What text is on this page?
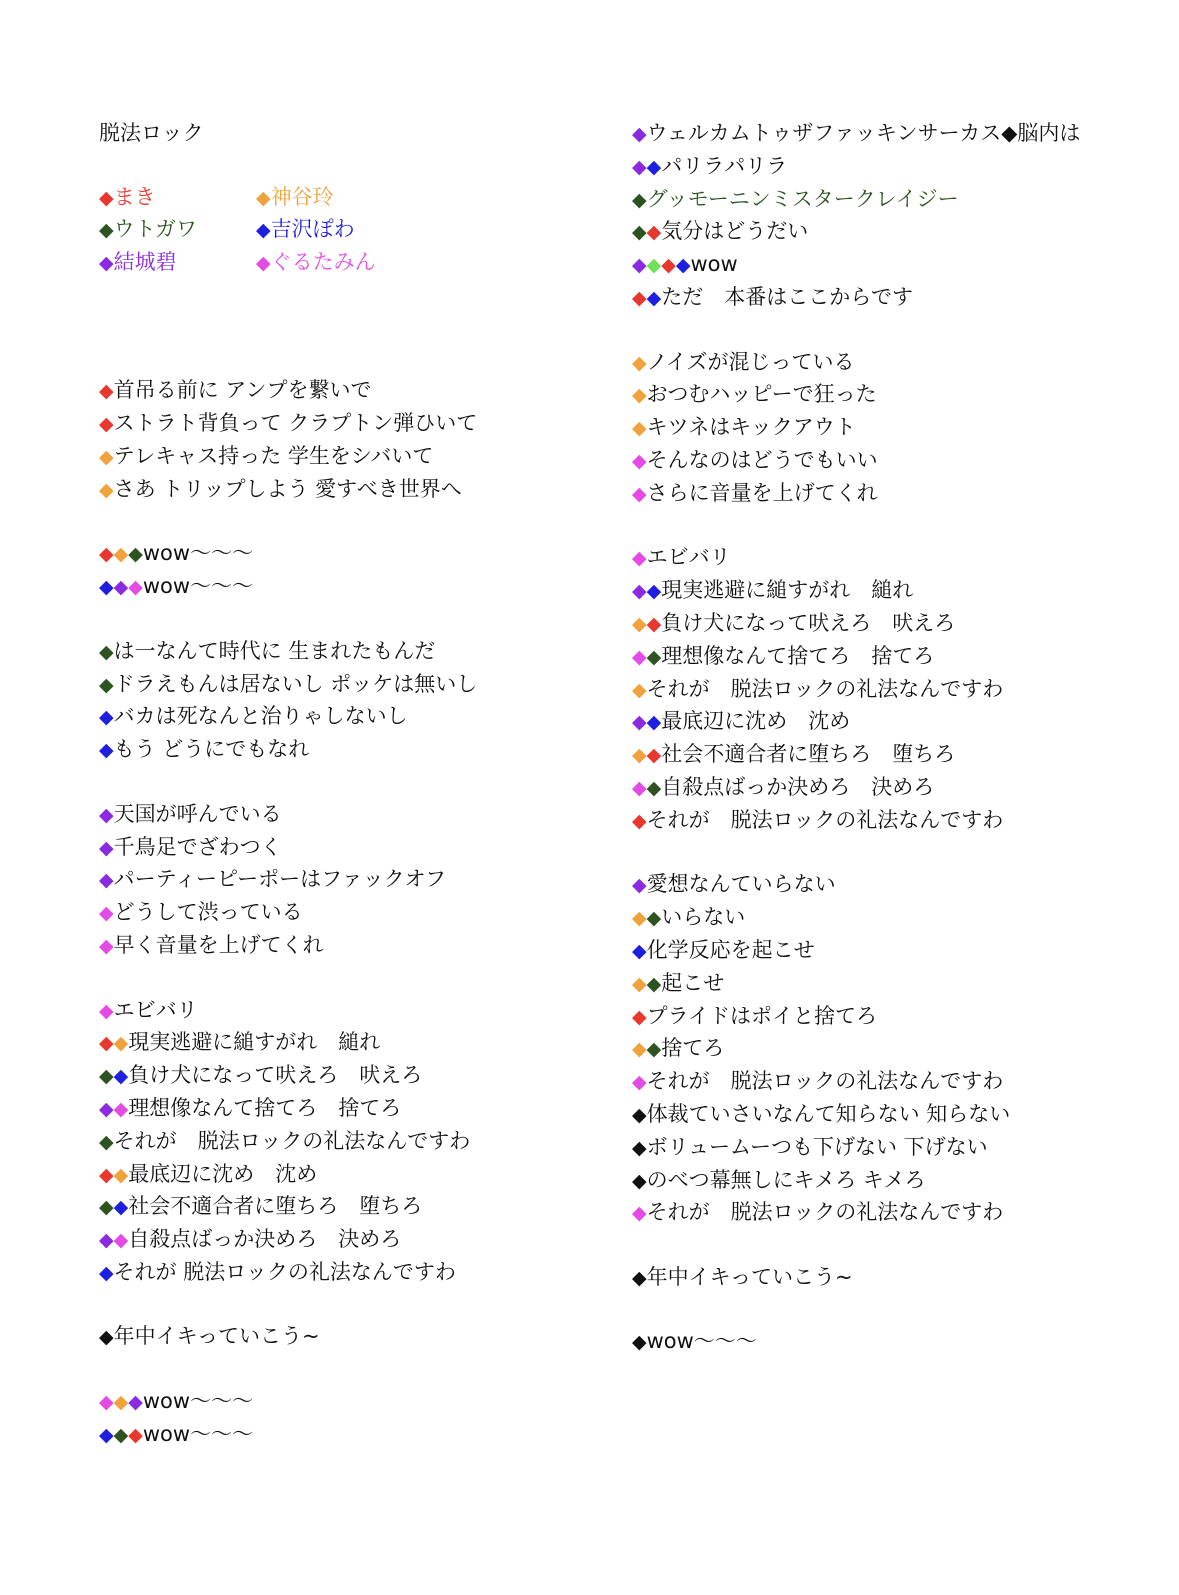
脱法ロック
◆まき
◆ウトガワ
◆結城碧
◆神谷玲
◆吉沢ぽわ
◆ぐるたみん
◆首吊る前に アンプを繋いで
◆ストラト背負って クラプトン弾ひいて
◆テレキャス持った 学生をシバいて
◆さあ トリップしよう 愛すべき世界へ
◆◆◆wow～～～
◆◆◆wow～～～
◆は一なんて時代に 生まれたもんだ
◆ドラえもんは居ないし ポッケは無いし
◆バカは死なんと治りゃしないし
◆もう どうにでもなれ
◆天国が呼んでいる
◆千鳥足でざわつく
◆パーティーピーポーはファックオフ
◆どうして渋っている
◆早く音量を上げてくれ
◆エビバリ
◆◆現実逃避に縋すがれ　縋れ
◆◆負け犬になって吠えろ　吠えろ
◆◆理想像なんて捨てろ　捨てろ
◆それが　脱法ロックの礼法なんですわ
◆◆最底辺に沈め　沈め
◆◆社会不適合者に堕ちろ　堕ちろ
◆◆自殺点ばっか決めろ　決めろ
◆それが 脱法ロックの礼法なんですわ
◆年中イキっていこう~
◆◆◆wow～～～
◆◆◆wow～～～
◆ウェルカムトゥザファッキンサーカス◆脳内は
◆◆パリラパリラ
◆グッモーニンミスタークレイジー
◆◆気分はどうだい
◆◆◆◆wow
◆◆ただ　本番はここからです
◆ノイズが混じっている
◆おつむハッピーで狂った
◆キツネはキックアウト
◆そんなのはどうでもいい
◆さらに音量を上げてくれ
◆エビバリ
◆◆現実逃避に縋すがれ　縋れ
◆◆負け犬になって吠えろ　吠えろ
◆◆理想像なんて捨てろ　捨てろ
◆それが　脱法ロックの礼法なんですわ
◆◆最底辺に沈め　沈め
◆◆社会不適合者に堕ちろ　堕ちろ
◆◆自殺点ばっか決めろ　決めろ
◆それが　脱法ロックの礼法なんですわ
◆愛想なんていらない
◆◆いらない
◆化学反応を起こせ
◆◆起こせ
◆プライドはポイと捨てろ
◆◆捨てろ
◆それが　脱法ロックの礼法なんですわ
◆体裁ていさいなんて知らない 知らない
◆ボリュームーつも下げない 下げない
◆のべつ幕無しにキメろ キメろ
◆それが　脱法ロックの礼法なんですわ
◆年中イキっていこう~
◆wow～～～
